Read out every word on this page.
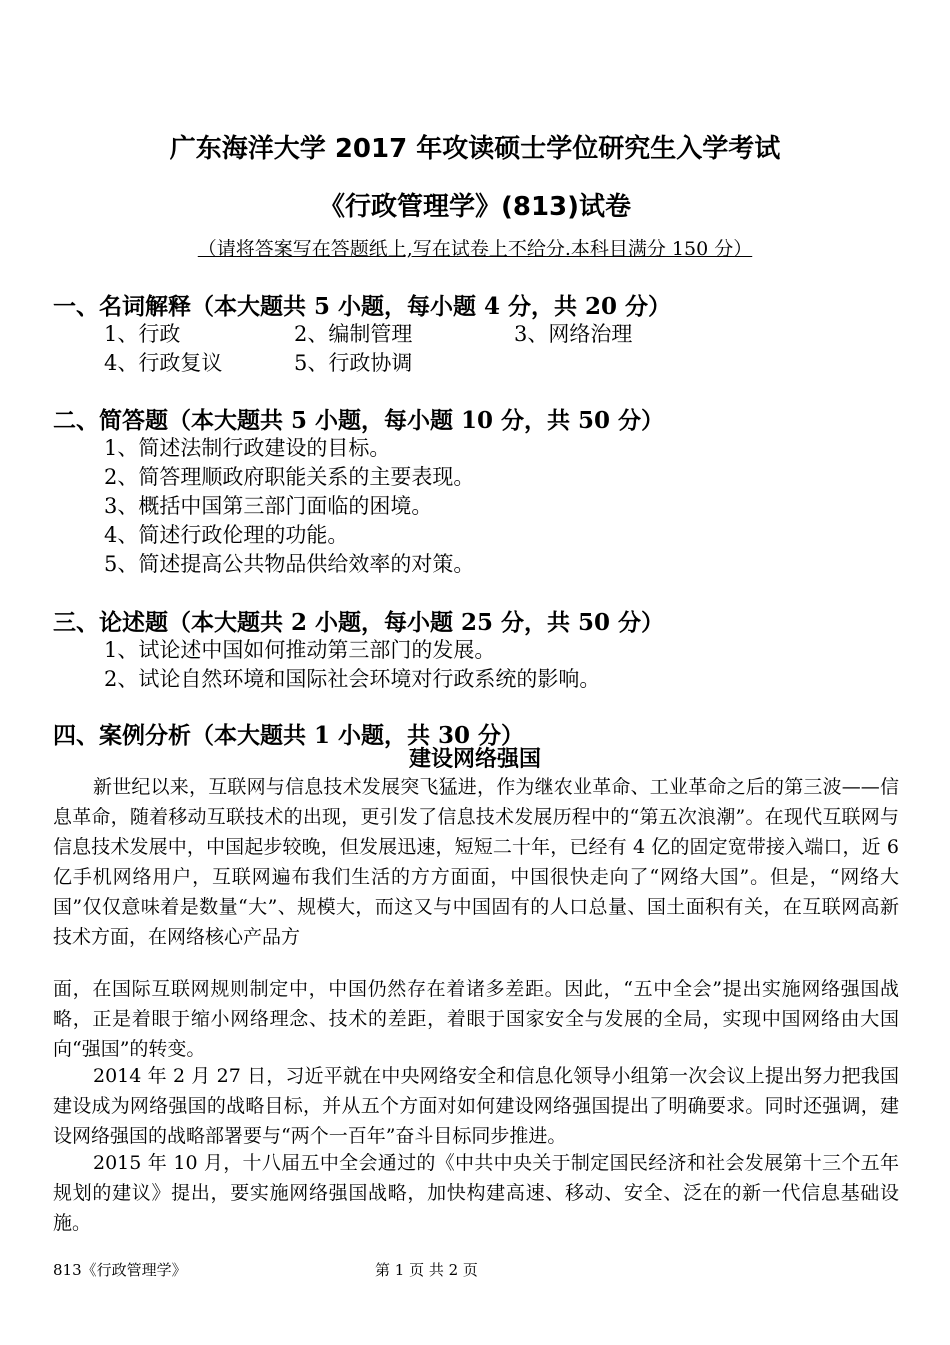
广东海洋大学 2017 年攻读硕士学位研究生入学考试
《行政管理学》(813)试卷
（请将答案写在答题纸上,写在试卷上不给分.本科目满分 150 分）
一、名词解释（本大题共 5 小题，每小题 4 分，共 20 分）
1、行政	2、编制管理	3、网络治理
4、行政复议	5、行政协调
二、简答题（本大题共 5 小题，每小题 10 分，共 50 分）
1、简述法制行政建设的目标。
2、简答理顺政府职能关系的主要表现。
3、概括中国第三部门面临的困境。
4、简述行政伦理的功能。
5、简述提高公共物品供给效率的对策。
三、论述题（本大题共 2 小题，每小题 25 分，共 50 分）
1、试论述中国如何推动第三部门的发展。
2、试论自然环境和国际社会环境对行政系统的影响。
四、案例分析（本大题共 1 小题，共 30 分）
建设网络强国
新世纪以来，互联网与信息技术发展突飞猛进，作为继农业革命、工业革命之后的第三波——信息革命，随着移动互联技术的出现，更引发了信息技术发展历程中的“第五次浪潮”。在现代互联网与信息技术发展中，中国起步较晚，但发展迅速，短短二十年，已经有 4 亿的固定宽带接入端口，近 6 亿手机网络用户，互联网遍布我们生活的方方面面，中国很快走向了“网络大国”。但是，“网络大国”仅仅意味着是数量“大”、规模大，而这又与中国固有的人口总量、国土面积有关，在互联网高新技术方面，在网络核心产品方
面，在国际互联网规则制定中，中国仍然存在着诸多差距。因此，“五中全会”提出实施网络强国战略，正是着眼于缩小网络理念、技术的差距，着眼于国家安全与发展的全局，实现中国网络由大国向“强国”的转变。
2014 年 2 月 27 日，习近平就在中央网络安全和信息化领导小组第一次会议上提出努力把我国建设成为网络强国的战略目标，并从五个方面对如何建设网络强国提出了明确要求。同时还强调，建设网络强国的战略部署要与“两个一百年”奋斗目标同步推进。
2015 年 10 月，十八届五中全会通过的《中共中央关于制定国民经济和社会发展第十三个五年规划的建议》提出，要实施网络强国战略，加快构建高速、移动、安全、泛在的新一代信息基础设施。
813《行政管理学》	第 1 页 共 2 页
